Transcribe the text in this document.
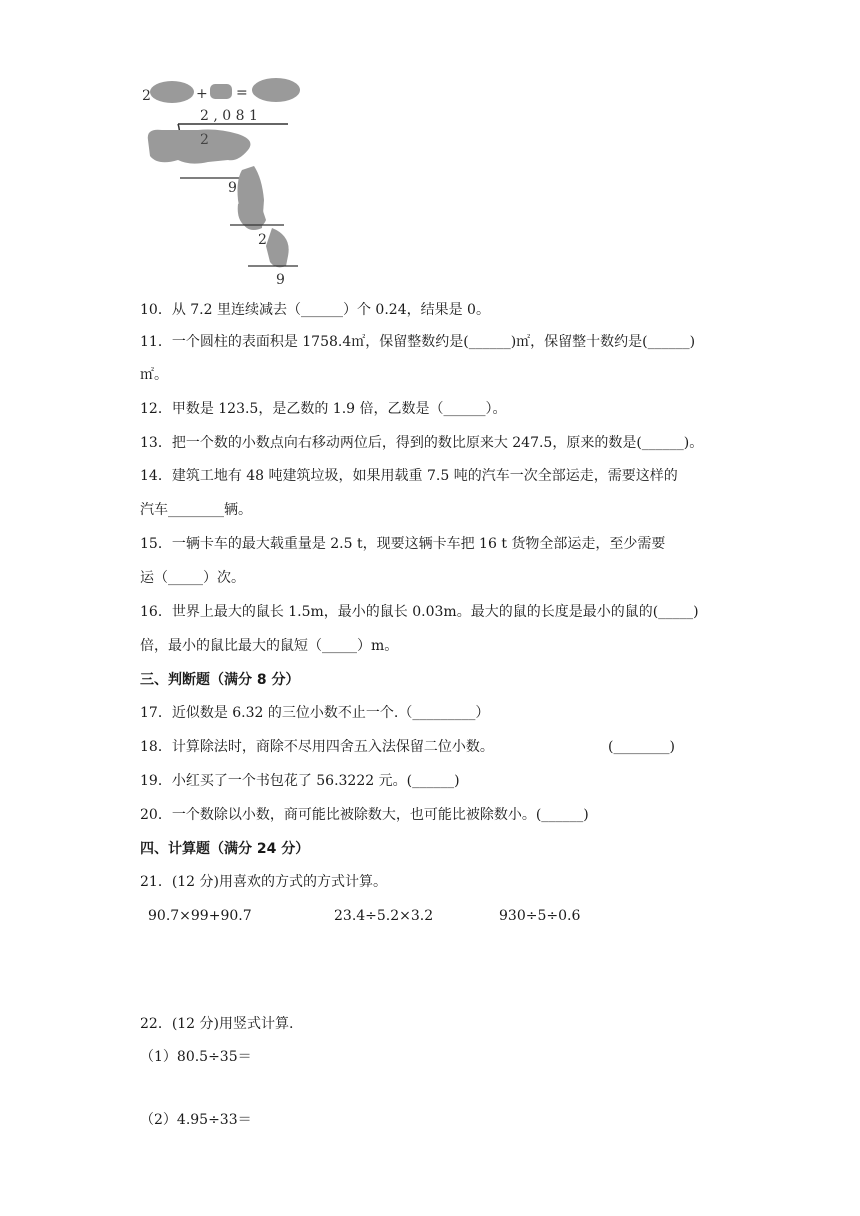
2	+ =
2 , 0 8 1
2
9
2
9
10．从 7.2 里连续减去（______）个 0.24，结果是 0。
11．一个圆柱的表面积是 1758.4㎡，保留整数约是(______)㎡，保留整十数约是(______)
㎡。
12．甲数是 123.5，是乙数的 1.9 倍，乙数是（______）。
13．把一个数的小数点向右移动两位后，得到的数比原来大 247.5，原来的数是(______)。
14．建筑工地有 48 吨建筑垃圾，如果用载重 7.5 吨的汽车一次全部运走，需要这样的
汽车________辆。
15．一辆卡车的最大载重量是 2.5 t，现要这辆卡车把 16 t 货物全部运走，至少需要
运（_____）次。
16．世界上最大的鼠长 1.5m，最小的鼠长 0.03m。最大的鼠的长度是最小的鼠的(_____)
倍，最小的鼠比最大的鼠短（_____）m。
三、判断题（满分 8 分）
17．近似数是 6.32 的三位小数不止一个.（_________）
18．计算除法时，商除不尽用四舍五入法保留二位小数。	(________)
19．小红买了一个书包花了 56.3222 元。(______)
20．一个数除以小数，商可能比被除数大，也可能比被除数小。(______)
四、计算题（满分 24 分）
21．(12 分)用喜欢的方式的方式计算。
90.7×99+90.7	23.4÷5.2×3.2	930÷5÷0.6
22．(12 分)用竖式计算.
（1）80.5÷35＝
（2）4.95÷33＝
